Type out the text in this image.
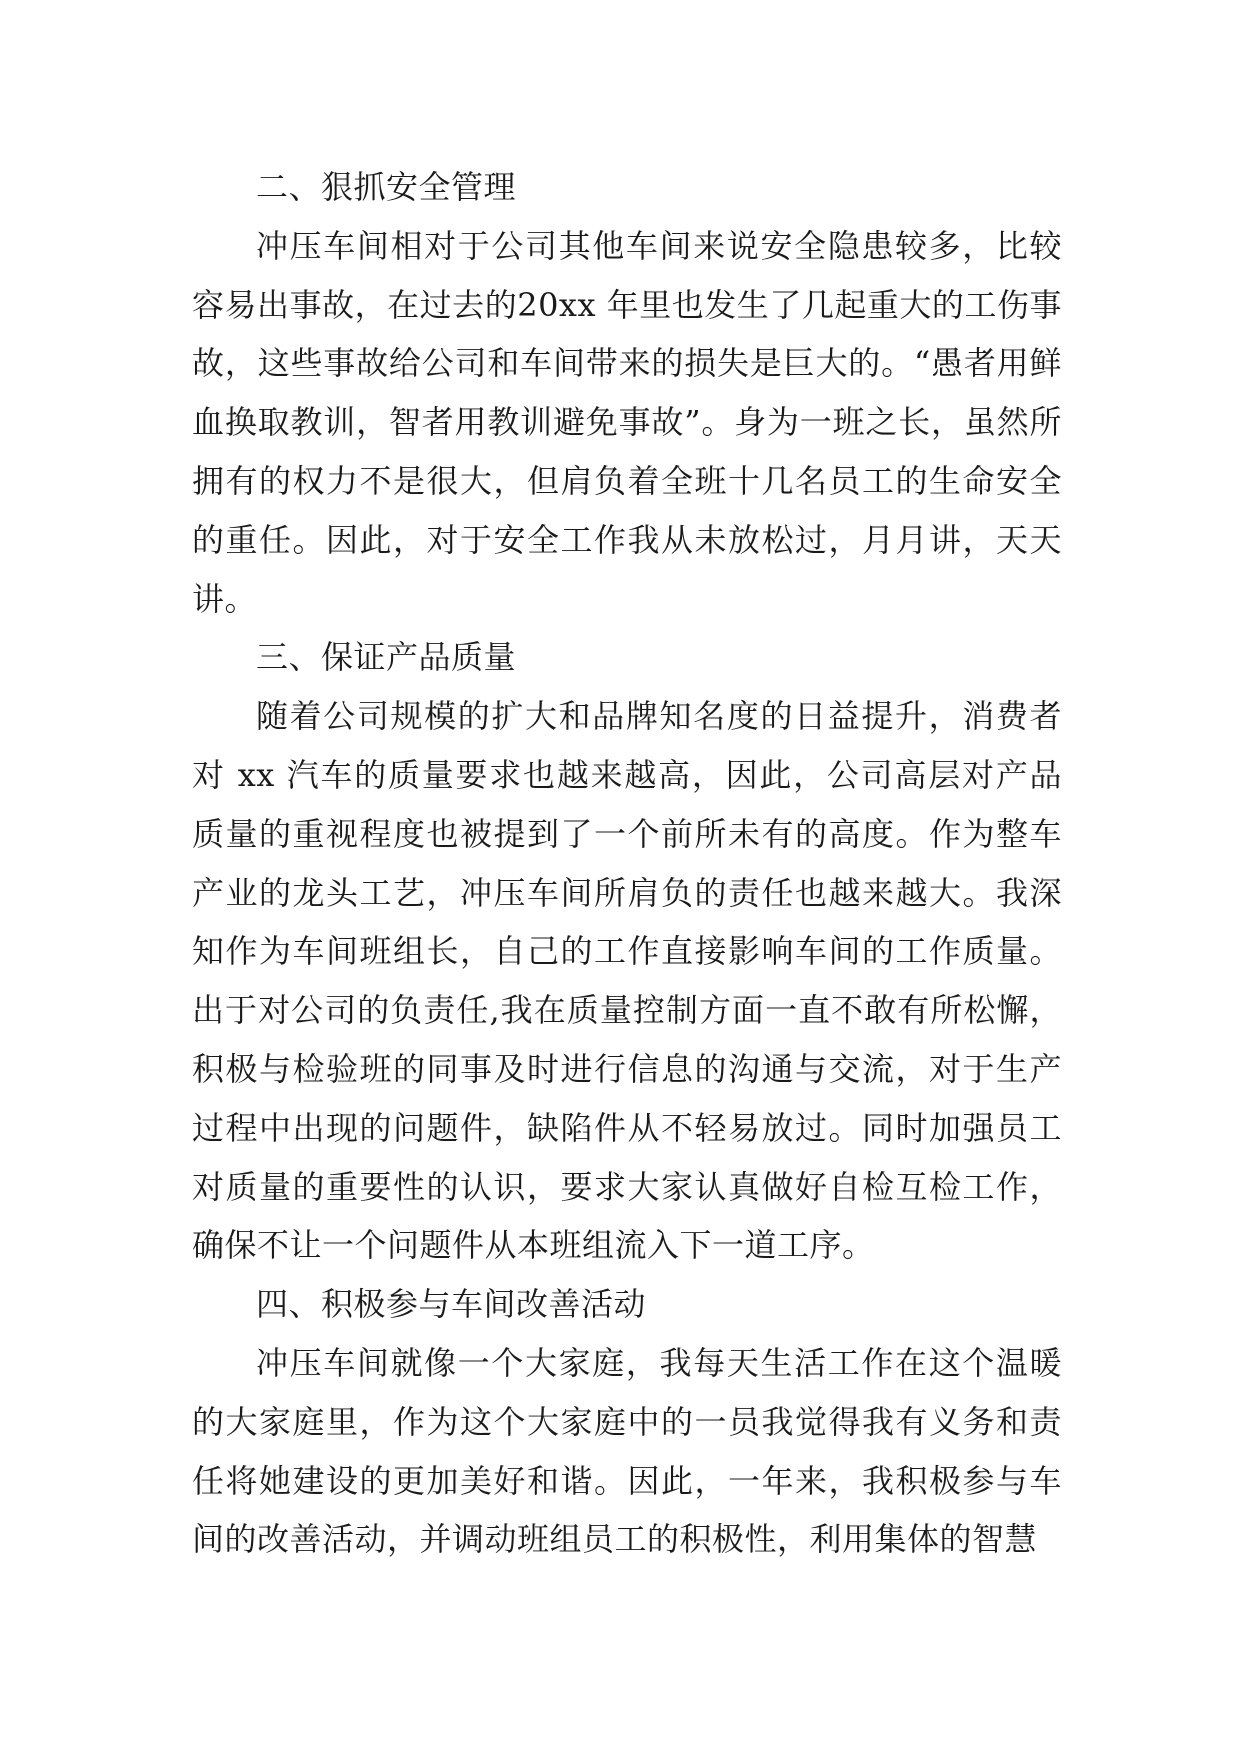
二、狠抓安全管理

冲压车间相对于公司其他车间来说安全隐患较多，比较容易出事故，在过去的20xx 年里也发生了几起重大的工伤事故，这些事故给公司和车间带来的损失是巨大的。“愚者用鲜血换取教训，智者用教训避免事故”。身为一班之长，虽然所拥有的权力不是很大，但肩负着全班十几名员工的生命安全的重任。因此，对于安全工作我从未放松过，月月讲，天天讲。

三、保证产品质量

随着公司规模的扩大和品牌知名度的日益提升，消费者对 xx 汽车的质量要求也越来越高，因此，公司高层对产品质量的重视程度也被提到了一个前所未有的高度。作为整车产业的龙头工艺，冲压车间所肩负的责任也越来越大。我深知作为车间班组长，自己的工作直接影响车间的工作质量。出于对公司的负责任,我在质量控制方面一直不敢有所松懈，积极与检验班的同事及时进行信息的沟通与交流，对于生产过程中出现的问题件，缺陷件从不轻易放过。同时加强员工对质量的重要性的认识，要求大家认真做好自检互检工作，确保不让一个问题件从本班组流入下一道工序。

四、积极参与车间改善活动

冲压车间就像一个大家庭，我每天生活工作在这个温暖的大家庭里，作为这个大家庭中的一员我觉得我有义务和责任将她建设的更加美好和谐。因此，一年来，我积极参与车间的改善活动，并调动班组员工的积极性，利用集体的智慧
